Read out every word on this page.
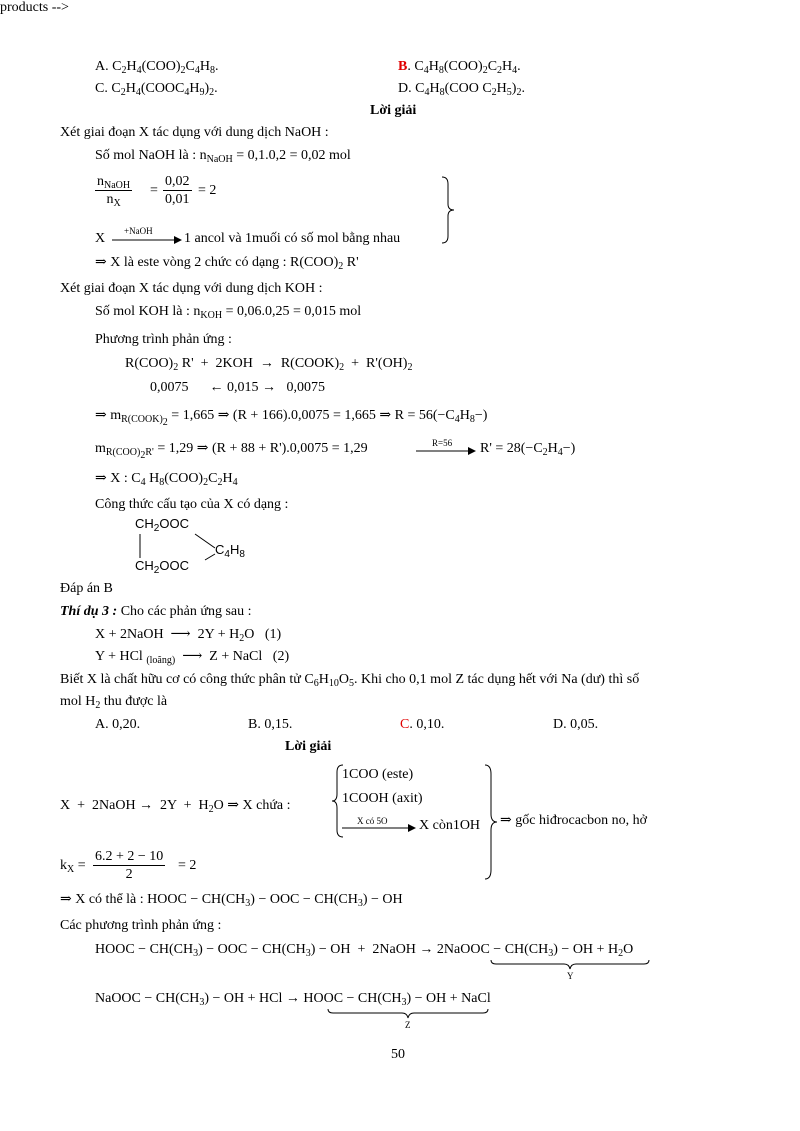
A. $C_2H_4(COO)_2C_4H_8$.	B. $C_4H_8(COO)_2C_2H_4$.
C. $C_2H_4(COOC_4H_9)_2$.	D. $C_4H_8(COO$ $C_2H_5)_2$.
Lời giải
Xét giai đoạn X tác dụng với dung dịch NaOH :
Số mol NaOH là : $n_{NaOH} = 0,1.0,2 = 0,02$ mol
$n_{NaOH}$
$n_X$
= $\frac{0,02}{0,01} = 2$
products -->
X +NaOH 1 ancol và 1muối có số mol bằng nhau
⇒ X là este vòng 2 chức có dạng : $R(COO)_2$ R'
Xét giai đoạn X tác dụng với dung dịch KOH :
Số mol KOH là : $n_{KOH} = 0,06.0,25 = 0,015$ mol
Phương trình phản ứng :
$R(COO)_2$ $R' + 2KOH \to R(COOK)_2 + R'(OH)_2$
0,0075      ← 0,015 →   0,0075
⇒ $m_{R(COOK)_2} = 1,665$ ⇒ (R + 166).0,0075 = 1,665 ⇒ $R = 56(-C_4H_8-)$
$m_{R(COO)_2R'} = 1,29$ ⇒ (R + 88 + R').0,0075 = 1,29	R=56 $R' = 28(-C_2H_4-)$
⇒ X : $C_4$ $H_8(COO)_2C_2H_4$
Công thức cấu tạo của X có dạng :
$CH_2OOC$
$CH_2OOC$
$C_4H_8$
Đáp án B
Thí dụ 3 : Cho các phản ứng sau :
X + 2NaOH  ⟶  $2Y + H_2O$   (1)
Y + HCl $_{(loãng)}$  ⟶  Z + NaCl   (2)
Biết X là chất hữu cơ có công thức phân tử $C_6H_{10}O_5$. Khi cho 0,1 mol Z tác dụng hết với Na (dư) thì số
mol $H_2$ thu được là
A. 0,20.	B. 0,15.	C. 0,10.	D. 0,05.
Lời giải
X  +  2NaOH →  $2Y + H_2O$ ⇒ X chứa :
1COO (este)
1COOH (axit)
X có 5O X còn1OH ⇒ gốc hiđrocacbon no, hở
$k_X = \frac{6.2 + 2 - 10}{2} = 2$
⇒ X có thể là : HOOC − $CH(CH_3)$ − OOC − $CH(CH_3)$ − OH
Các phương trình phản ứng :
HOOC − $CH(CH_3)$ − OOC − $CH(CH_3)$ − OH  +  2NaOH → 2NaOOC − $CH(CH_3)$ − OH + $H_2O$
Y
NaOOC − $CH(CH_3)$ − OH + HCl → HOOC − $CH(CH_3)$ − OH + NaCl
Z
50
